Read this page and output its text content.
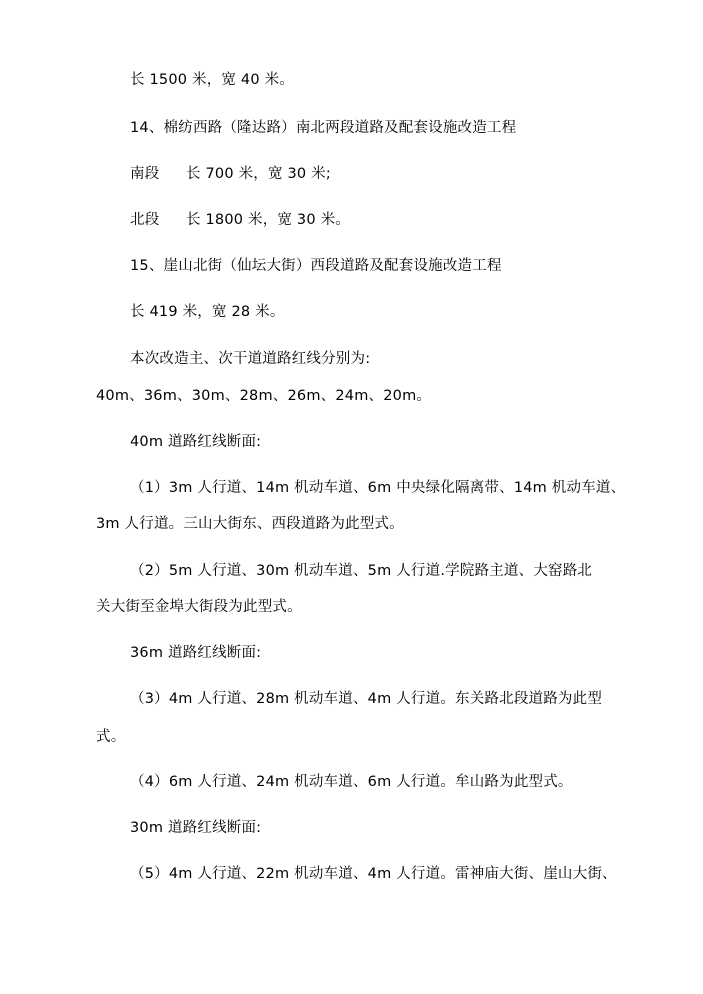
长 1500 米，宽 40 米。

14、棉纺西路（隆达路）南北两段道路及配套设施改造工程

南段 长 700 米，宽 30 米;

北段 长 1800 米，宽 30 米。

15、崖山北街（仙坛大街）西段道路及配套设施改造工程

长 419 米，宽 28 米。

本次改造主、次干道道路红线分别为:

40m、36m、30m、28m、26m、24m、20m。

40m 道路红线断面:

（1）3m 人行道、14m 机动车道、6m 中央绿化隔离带、14m 机动车道、

3m 人行道。三山大街东、西段道路为此型式。

（2）5m 人行道、30m 机动车道、5m 人行道.学院路主道、大窑路北

关大街至金埠大街段为此型式。

36m 道路红线断面:

（3）4m 人行道、28m 机动车道、4m 人行道。东关路北段道路为此型

式。

（4）6m 人行道、24m 机动车道、6m 人行道。牟山路为此型式。

30m 道路红线断面:

（5）4m 人行道、22m 机动车道、4m 人行道。雷神庙大街、崖山大街、
